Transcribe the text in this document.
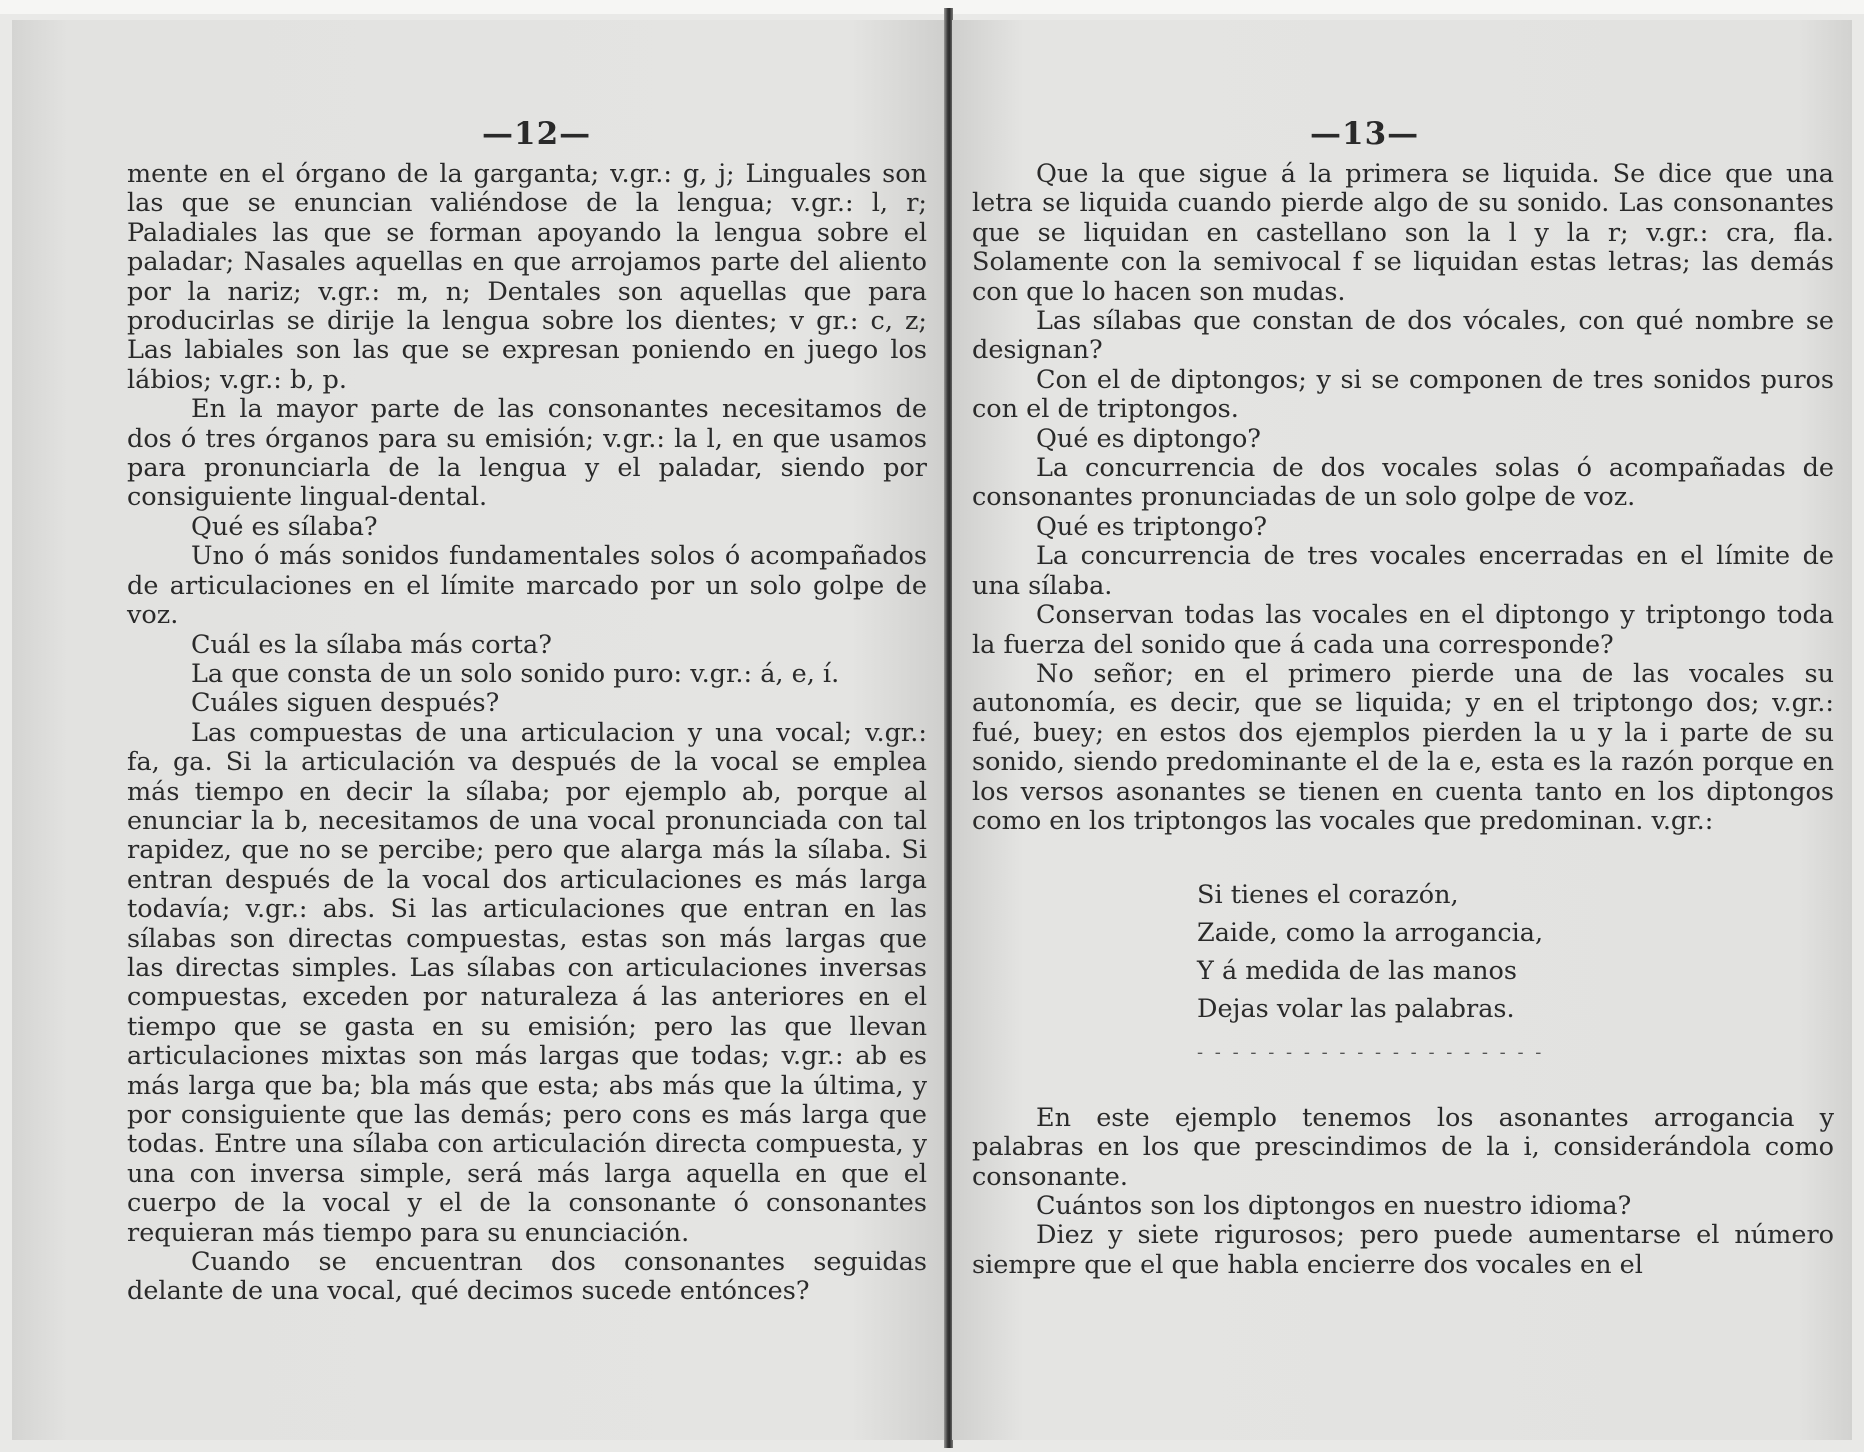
—12—

mente en el órgano de la garganta; v.gr.: g, j; Linguales son las que se enuncian valiéndose de la lengua; v.gr.: l, r; Paladiales las que se forman apoyando la lengua sobre el paladar; Nasales aquellas en que arrojamos parte del aliento por la nariz; v.gr.: m, n; Dentales son aquellas que para producirlas se dirije la lengua sobre los dientes; v gr.: c, z; Las labiales son las que se expresan poniendo en juego los lábios; v.gr.: b, p.

En la mayor parte de las consonantes necesitamos de dos ó tres órganos para su emisión; v.gr.: la l, en que usamos para pronunciarla de la lengua y el paladar, siendo por consiguiente lingual-dental.

Qué es sílaba?

Uno ó más sonidos fundamentales solos ó acompañados de articulaciones en el límite marcado por un solo golpe de voz.

Cuál es la sílaba más corta?

La que consta de un solo sonido puro: v.gr.: á, e, í.

Cuáles siguen después?

Las compuestas de una articulacion y una vocal; v.gr.: fa, ga. Si la articulación va después de la vocal se emplea más tiempo en decir la sílaba; por ejemplo ab, porque al enunciar la b, necesitamos de una vocal pronunciada con tal rapidez, que no se percibe; pero que alarga más la sílaba. Si entran después de la vocal dos articulaciones es más larga todavía; v.gr.: abs. Si las articulaciones que entran en las sílabas son directas compuestas, estas son más largas que las directas simples. Las sílabas con articulaciones inversas compuestas, exceden por naturaleza á las anteriores en el tiempo que se gasta en su emisión; pero las que llevan articulaciones mixtas son más largas que todas; v.gr.: ab es más larga que ba; bla más que esta; abs más que la última, y por consiguiente que las demás; pero cons es más larga que todas. Entre una sílaba con articulación directa compuesta, y una con inversa simple, será más larga aquella en que el cuerpo de la vocal y el de la consonante ó consonantes requieran más tiempo para su enunciación.

Cuando se encuentran dos consonantes seguidas delante de una vocal, qué decimos sucede entónces?

—13—

Que la que sigue á la primera se liquida. Se dice que una letra se liquida cuando pierde algo de su sonido. Las consonantes que se liquidan en castellano son la l y la r; v.gr.: cra, fla. Solamente con la semivocal f se liquidan estas letras; las demás con que lo hacen son mudas.

Las sílabas que constan de dos vócales, con qué nombre se designan?

Con el de diptongos; y si se componen de tres sonidos puros con el de triptongos.

Qué es diptongo?

La concurrencia de dos vocales solas ó acompañadas de consonantes pronunciadas de un solo golpe de voz.

Qué es triptongo?

La concurrencia de tres vocales encerradas en el límite de una sílaba.

Conservan todas las vocales en el diptongo y triptongo toda la fuerza del sonido que á cada una corresponde?

No señor; en el primero pierde una de las vocales su autonomía, es decir, que se liquida; y en el triptongo dos; v.gr.: fué, buey; en estos dos ejemplos pierden la u y la i parte de su sonido, siendo predominante el de la e, esta es la razón porque en los versos asonantes se tienen en cuenta tanto en los diptongos como en los triptongos las vocales que predominan. v.gr.:

Si tienes el corazón,
Zaide, como la arrogancia,
Y á medida de las manos
Dejas volar las palabras.
- - - - - - - - - - - - - - - - - - - -

En este ejemplo tenemos los asonantes arrogancia y palabras en los que prescindimos de la i, considerándola como consonante.

Cuántos son los diptongos en nuestro idioma?

Diez y siete rigurosos; pero puede aumentarse el número siempre que el que habla encierre dos vocales en el
